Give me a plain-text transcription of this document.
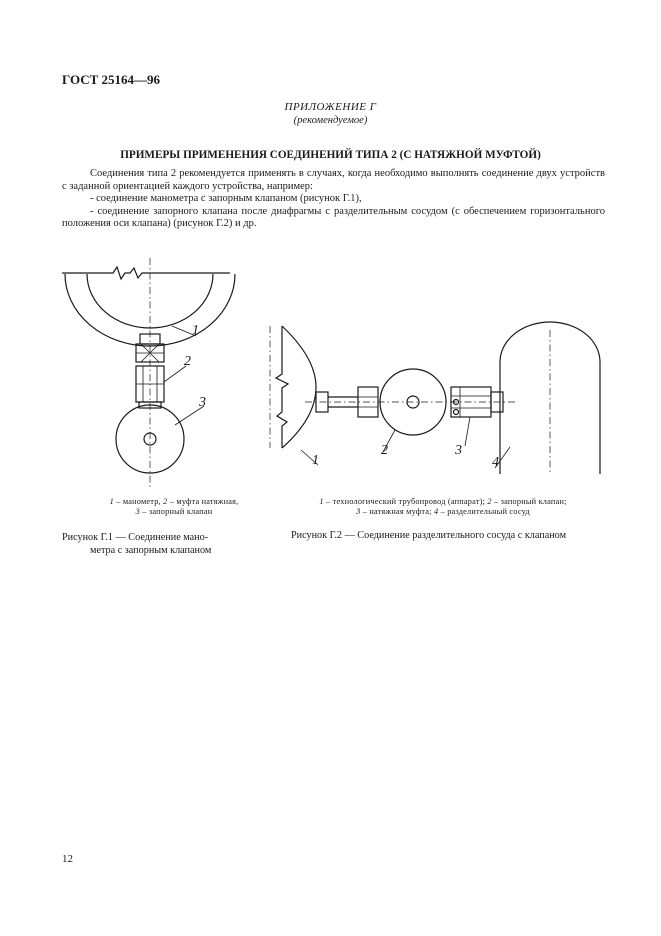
ГОСТ 25164—96
ПРИЛОЖЕНИЕ Г
(рекомендуемое)
ПРИМЕРЫ ПРИМЕНЕНИЯ СОЕДИНЕНИЙ ТИПА 2 (С НАТЯЖНОЙ МУФТОЙ)

Соединения типа 2 рекомендуется применять в случаях, когда необходимо выполнять соединение двух устройств с заданной ориентацией каждого устройства, например:

- соединение манометра с запорным клапаном (рисунок Г.1),

- соединение запорного клапана после диафрагмы с разделительным сосудом (с обеспечением горизонтального положения оси клапана) (рисунок Г.2) и др.

1
2
3
1
2	3
4
1 – манометр, 2 – муфта натяжная,
3 – запорный клапан
1 – технологический трубопровод (аппарат); 2 – запорный клапан;
3 – натяжная муфта; 4 – разделительный сосуд
Рисунок Г.1 — Соединение мано-
метра с запорным клапаном
Рисунок Г.2 — Соединение разделительного сосуда с клапаном
12
